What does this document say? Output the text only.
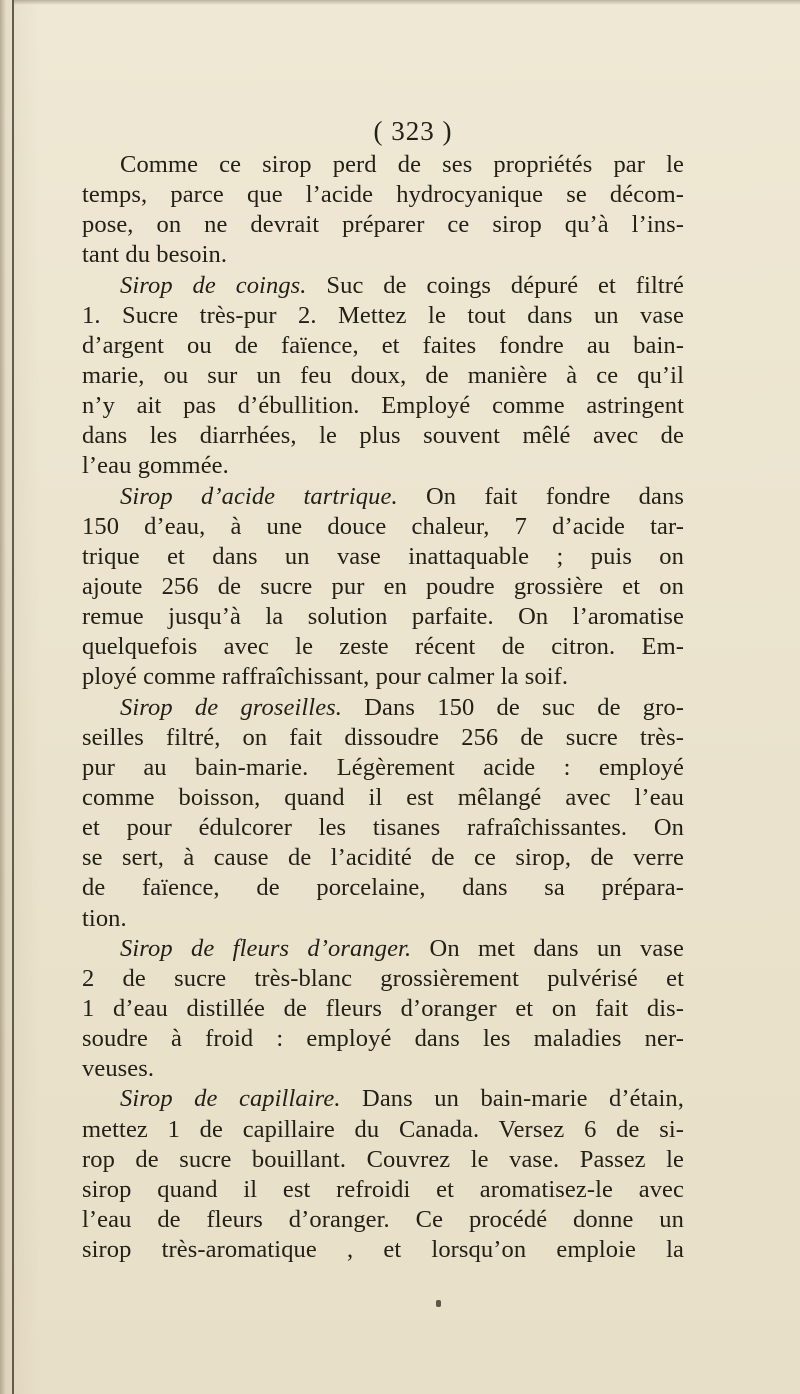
( 323 )
Comme ce sirop perd de ses propriétés par le
temps, parce que l’acide hydrocyanique se décom-
pose, on ne devrait préparer ce sirop qu’à l’ins-
tant du besoin.
Sirop de coings. Suc de coings dépuré et filtré
1. Sucre très-pur 2. Mettez le tout dans un vase
d’argent ou de faïence, et faites fondre au bain-
marie, ou sur un feu doux, de manière à ce qu’il
n’y ait pas d’ébullition. Employé comme astringent
dans les diarrhées, le plus souvent mêlé avec de
l’eau gommée.
Sirop d’acide tartrique. On fait fondre dans
150 d’eau, à une douce chaleur, 7 d’acide tar-
trique et dans un vase inattaquable ; puis on
ajoute 256 de sucre pur en poudre grossière et on
remue jusqu’à la solution parfaite. On l’aromatise
quelquefois avec le zeste récent de citron. Em-
ployé comme raffraîchissant, pour calmer la soif.
Sirop de groseilles. Dans 150 de suc de gro-
seilles filtré, on fait dissoudre 256 de sucre très-
pur au bain-marie. Légèrement acide : employé
comme boisson, quand il est mêlangé avec l’eau
et pour édulcorer les tisanes rafraîchissantes. On
se sert, à cause de l’acidité de ce sirop, de verre
de faïence, de porcelaine, dans sa prépara-
tion.
Sirop de fleurs d’oranger. On met dans un vase
2 de sucre très-blanc grossièrement pulvérisé et
1 d’eau distillée de fleurs d’oranger et on fait dis-
soudre à froid : employé dans les maladies ner-
veuses.
Sirop de capillaire. Dans un bain-marie d’étain,
mettez 1 de capillaire du Canada. Versez 6 de si-
rop de sucre bouillant. Couvrez le vase. Passez le
sirop quand il est refroidi et aromatisez-le avec
l’eau de fleurs d’oranger. Ce procédé donne un
sirop très-aromatique , et lorsqu’on emploie la
